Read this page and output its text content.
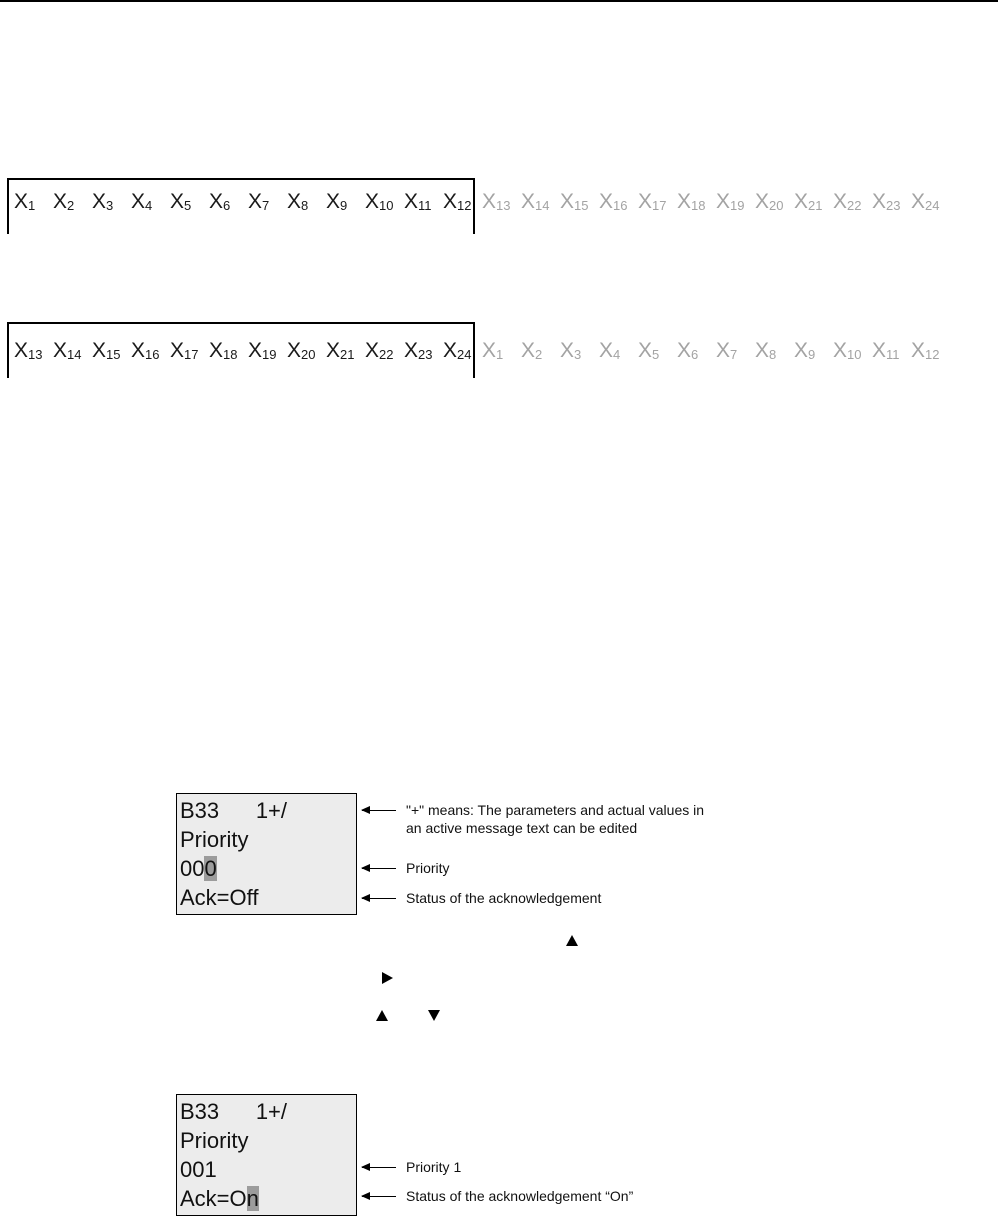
$X_1$ $X_2$ $X_3$ $X_4$ $X_5$ $X_6$ $X_7$ $X_8$ $X_9$ $X_{10}$ $X_{11}$ $X_{12}$ $X_{13}$ $X_{14}$ $X_{15}$ $X_{16}$ $X_{17}$ $X_{18}$ $X_{19}$ $X_{20}$ $X_{21}$ $X_{22}$ $X_{23}$ $X_{24}$
$X_{13}$ $X_{14}$ $X_{15}$ $X_{16}$ $X_{17}$ $X_{18}$ $X_{19}$ $X_{20}$ $X_{21}$ $X_{22}$ $X_{23}$ $X_{24}$ $X_1$ $X_2$ $X_3$ $X_4$ $X_5$ $X_6$ $X_7$ $X_8$ $X_9$ $X_{10}$ $X_{11}$ $X_{12}$
B33      1+/
Priority
000
Ack=Off
"+" means: The parameters and actual values in
an active message text can be edited
Priority
Status of the acknowledgement
B33      1+/
Priority
001
Ack=On
Priority 1
Status of the acknowledgement “On”
